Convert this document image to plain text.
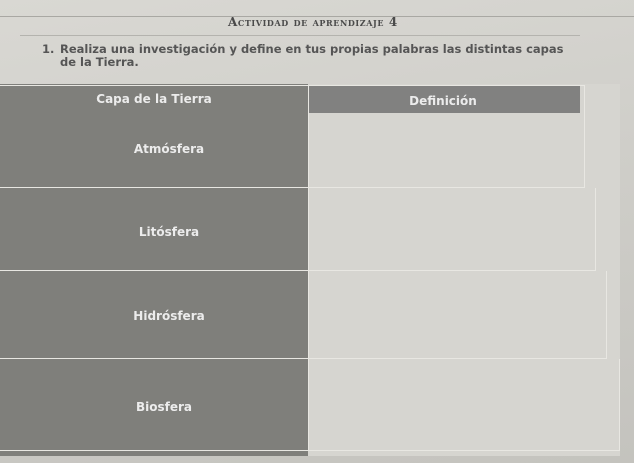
Actividad de aprendizaje 4
1. Realiza una investigación y define en tus propias palabras las distintas capas de la Tierra.
Capa de la Tierra	Definición
Atmósfera
Litósfera
Hidrósfera
Biosfera
